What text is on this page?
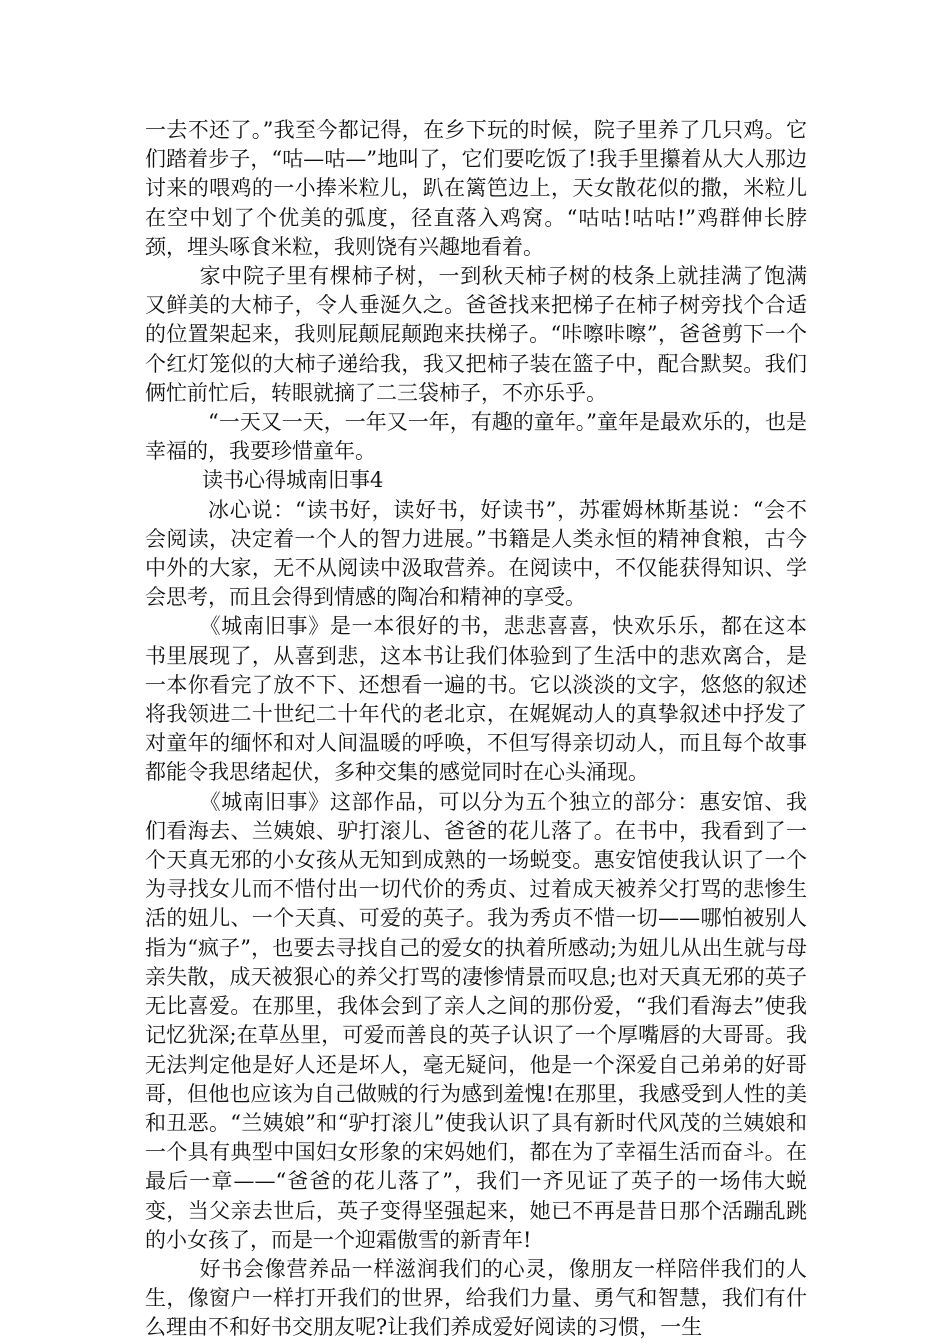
一去不还了。”我至今都记得，在乡下玩的时候，院子里养了几只鸡。它们踏着步子，“咕—咕—”地叫了，它们要吃饭了!我手里攥着从大人那边讨来的喂鸡的一小捧米粒儿，趴在篱笆边上，天女散花似的撒，米粒儿在空中划了个优美的弧度，径直落入鸡窝。“咕咕!咕咕!”鸡群伸长脖颈，埋头啄食米粒，我则饶有兴趣地看着。

家中院子里有棵柿子树，一到秋天柿子树的枝条上就挂满了饱满又鲜美的大柿子，令人垂涎久之。爸爸找来把梯子在柿子树旁找个合适的位置架起来，我则屁颠屁颠跑来扶梯子。“咔嚓咔嚓”，爸爸剪下一个个红灯笼似的大柿子递给我，我又把柿子装在篮子中，配合默契。我们俩忙前忙后，转眼就摘了二三袋柿子，不亦乐乎。

“一天又一天，一年又一年，有趣的童年。”童年是最欢乐的，也是幸福的，我要珍惜童年。

读书心得城南旧事4

冰心说：“读书好，读好书，好读书”，苏霍姆林斯基说：“会不会阅读，决定着一个人的智力进展。”书籍是人类永恒的精神食粮，古今中外的大家，无不从阅读中汲取营养。在阅读中，不仅能获得知识、学会思考，而且会得到情感的陶冶和精神的享受。

《城南旧事》是一本很好的书，悲悲喜喜，快欢乐乐，都在这本书里展现了，从喜到悲，这本书让我们体验到了生活中的悲欢离合，是一本你看完了放不下、还想看一遍的书。它以淡淡的文字，悠悠的叙述将我领进二十世纪二十年代的老北京，在娓娓动人的真挚叙述中抒发了对童年的缅怀和对人间温暖的呼唤，不但写得亲切动人，而且每个故事都能令我思绪起伏，多种交集的感觉同时在心头涌现。

《城南旧事》这部作品，可以分为五个独立的部分：惠安馆、我们看海去、兰姨娘、驴打滚儿、爸爸的花儿落了。在书中，我看到了一个天真无邪的小女孩从无知到成熟的一场蜕变。惠安馆使我认识了一个为寻找女儿而不惜付出一切代价的秀贞、过着成天被养父打骂的悲惨生活的妞儿、一个天真、可爱的英子。我为秀贞不惜一切——哪怕被别人指为“疯子”，也要去寻找自己的爱女的执着所感动;为妞儿从出生就与母亲失散，成天被狠心的养父打骂的凄惨情景而叹息;也对天真无邪的英子无比喜爱。在那里，我体会到了亲人之间的那份爱，“我们看海去”使我记忆犹深;在草丛里，可爱而善良的英子认识了一个厚嘴唇的大哥哥。我无法判定他是好人还是坏人，毫无疑问，他是一个深爱自己弟弟的好哥哥，但他也应该为自己做贼的行为感到羞愧!在那里，我感受到人性的美和丑恶。“兰姨娘”和“驴打滚儿”使我认识了具有新时代风茂的兰姨娘和一个具有典型中国妇女形象的宋妈她们，都在为了幸福生活而奋斗。在最后一章——“爸爸的花儿落了”，我们一齐见证了英子的一场伟大蜕变，当父亲去世后，英子变得坚强起来，她已不再是昔日那个活蹦乱跳的小女孩了，而是一个迎霜傲雪的新青年!

好书会像营养品一样滋润我们的心灵，像朋友一样陪伴我们的人生，像窗户一样打开我们的世界，给我们力量、勇气和智慧，我们有什么理由不和好书交朋友呢?让我们养成爱好阅读的习惯，一生
